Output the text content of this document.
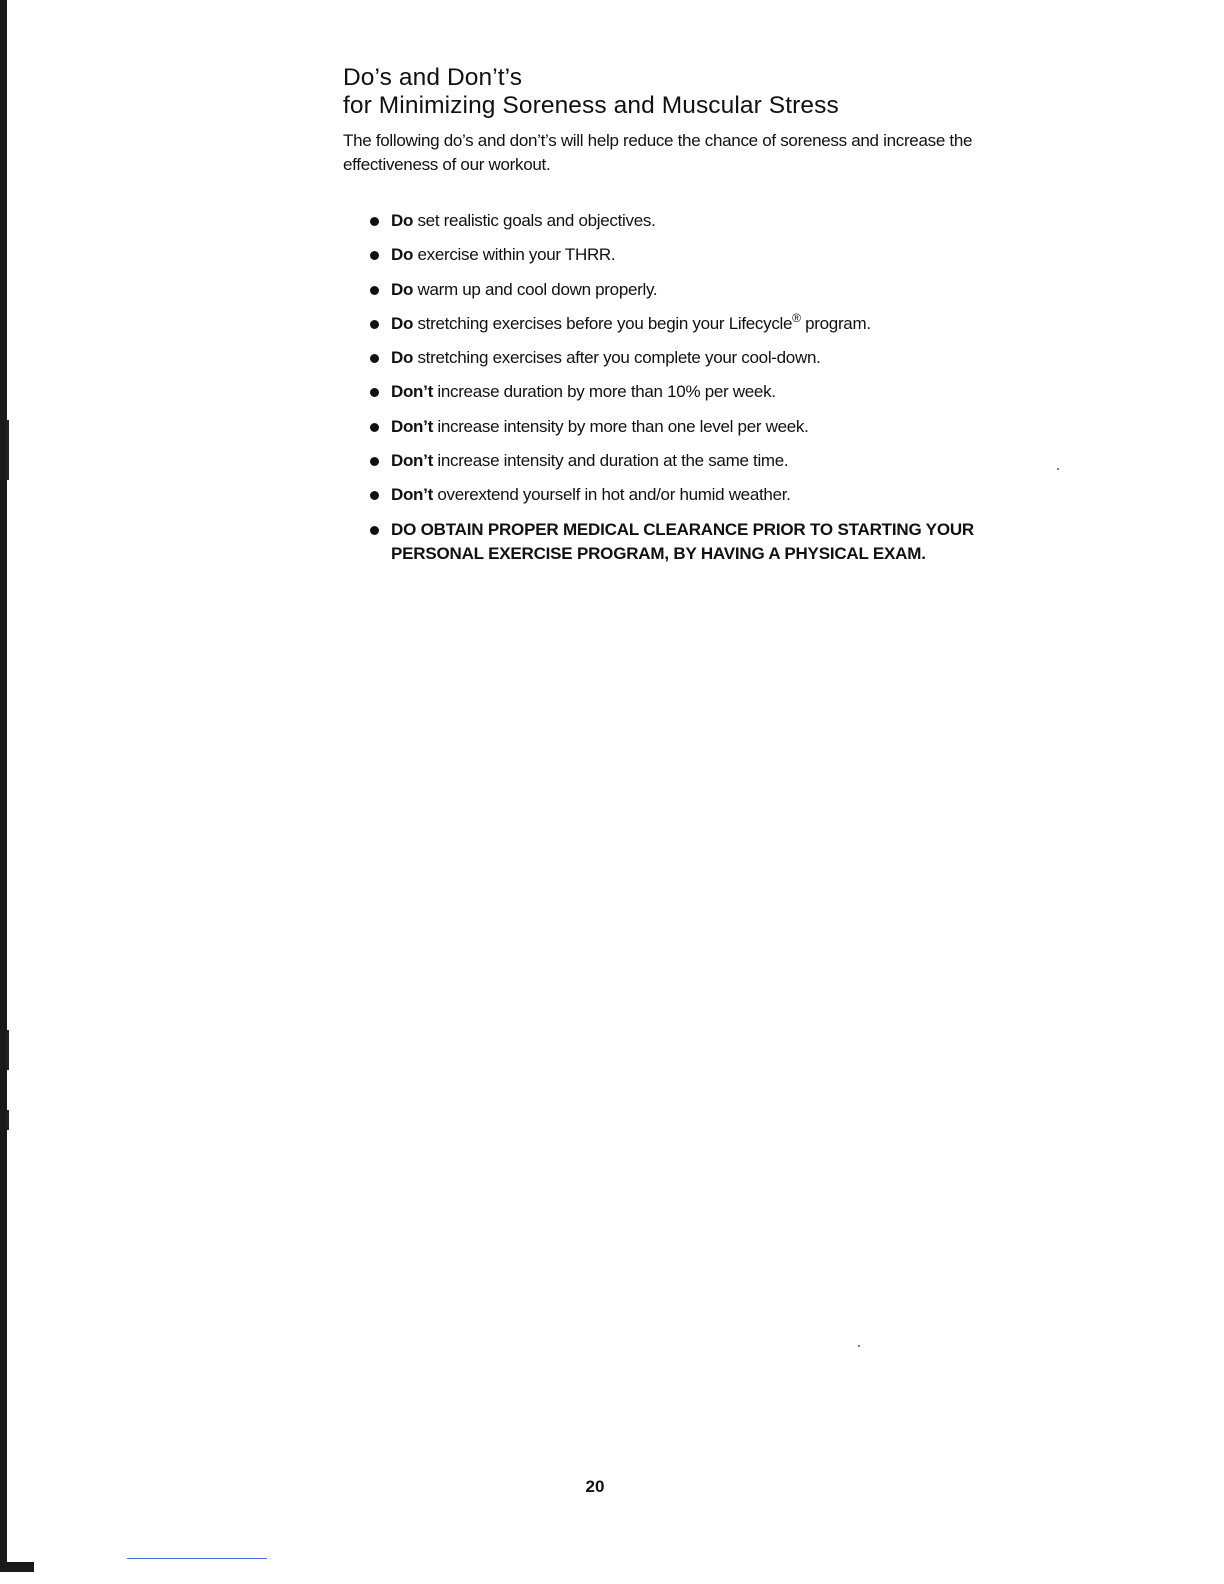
Do’s and Don’t’s
for Minimizing Soreness and Muscular Stress

The following do’s and don’t’s will help reduce the chance of soreness and increase the effectiveness of our workout.

Do set realistic goals and objectives.
Do exercise within your THRR.
Do warm up and cool down properly.
Do stretching exercises before you begin your Lifecycle® program.
Do stretching exercises after you complete your cool-down.
Don’t increase duration by more than 10% per week.
Don’t increase intensity by more than one level per week.
Don’t increase intensity and duration at the same time.
Don’t overextend yourself in hot and/or humid weather.
DO OBTAIN PROPER MEDICAL CLEARANCE PRIOR TO STARTING YOUR PERSONAL EXERCISE PROGRAM, BY HAVING A PHYSICAL EXAM.
20
